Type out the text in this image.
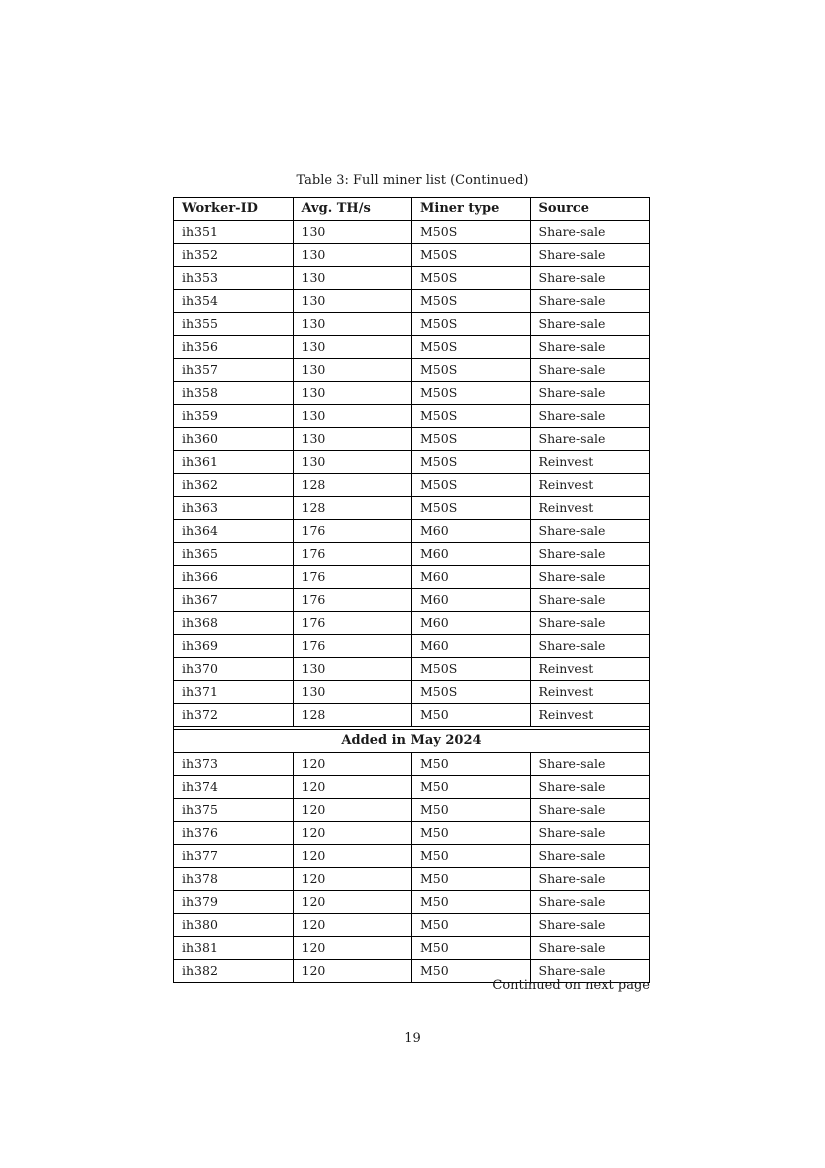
Table 3: Full miner list (Continued)
Worker-ID	Avg. TH/s	Miner type	Source
ih351	130	M50S	Share-sale
ih352	130	M50S	Share-sale
ih353	130	M50S	Share-sale
ih354	130	M50S	Share-sale
ih355	130	M50S	Share-sale
ih356	130	M50S	Share-sale
ih357	130	M50S	Share-sale
ih358	130	M50S	Share-sale
ih359	130	M50S	Share-sale
ih360	130	M50S	Share-sale
ih361	130	M50S	Reinvest
ih362	128	M50S	Reinvest
ih363	128	M50S	Reinvest
ih364	176	M60	Share-sale
ih365	176	M60	Share-sale
ih366	176	M60	Share-sale
ih367	176	M60	Share-sale
ih368	176	M60	Share-sale
ih369	176	M60	Share-sale
ih370	130	M50S	Reinvest
ih371	130	M50S	Reinvest
ih372	128	M50	Reinvest
Added in May 2024
ih373	120	M50	Share-sale
ih374	120	M50	Share-sale
ih375	120	M50	Share-sale
ih376	120	M50	Share-sale
ih377	120	M50	Share-sale
ih378	120	M50	Share-sale
ih379	120	M50	Share-sale
ih380	120	M50	Share-sale
ih381	120	M50	Share-sale
ih382	120	M50	Share-sale
Continued on next page
19
